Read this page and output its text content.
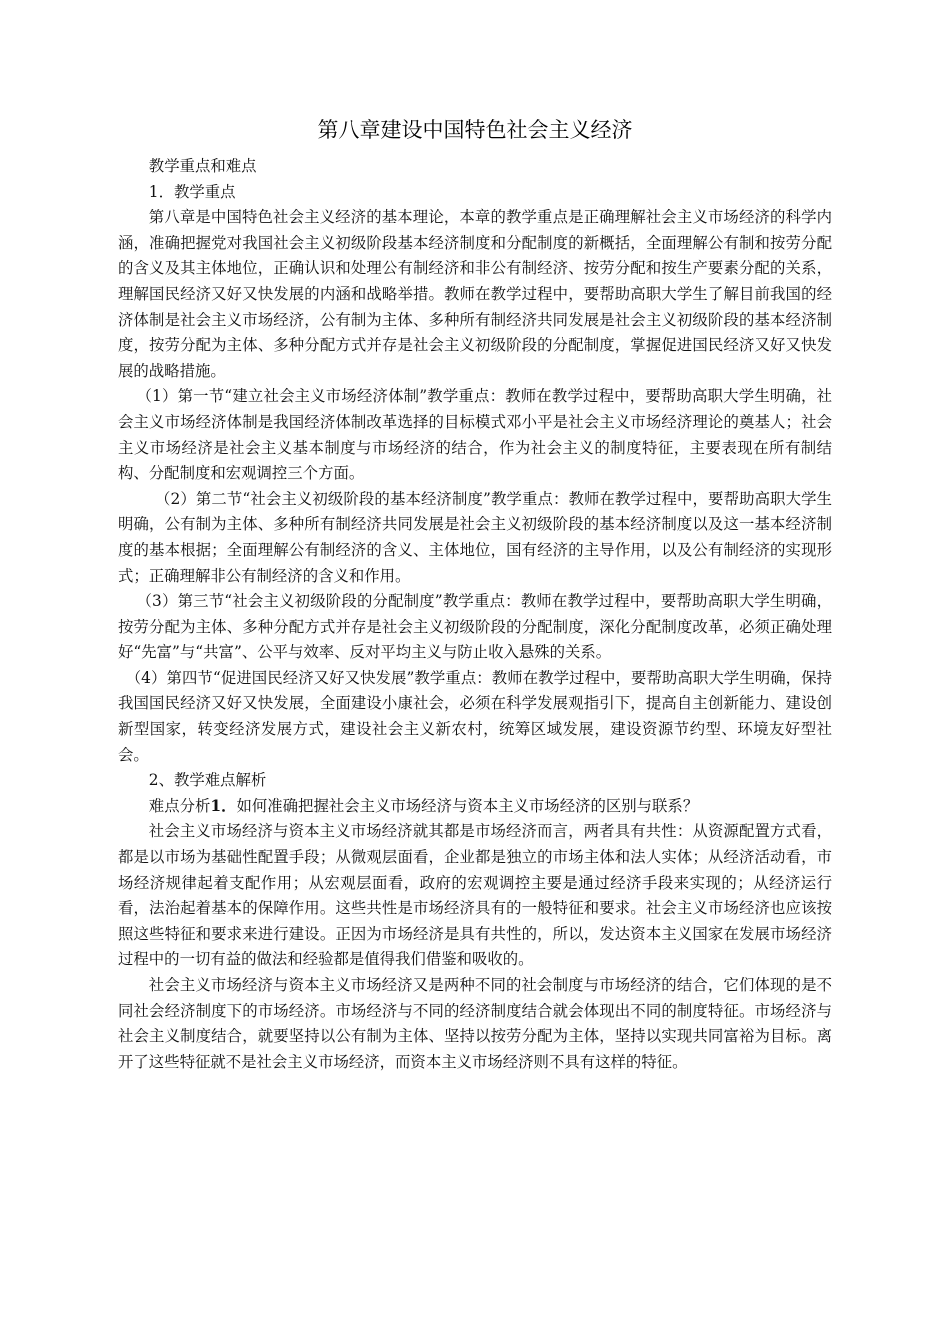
第八章建设中国特色社会主义经济

教学重点和难点

1．教学重点

第八章是中国特色社会主义经济的基本理论，本章的教学重点是正确理解社会主义市场经济的科学内涵，准确把握党对我国社会主义初级阶段基本经济制度和分配制度的新概括，全面理解公有制和按劳分配的含义及其主体地位，正确认识和处理公有制经济和非公有制经济、按劳分配和按生产要素分配的关系，理解国民经济又好又快发展的内涵和战略举措。教师在教学过程中，要帮助高职大学生了解目前我国的经济体制是社会主义市场经济，公有制为主体、多种所有制经济共同发展是社会主义初级阶段的基本经济制度，按劳分配为主体、多种分配方式并存是社会主义初级阶段的分配制度，掌握促进国民经济又好又快发展的战略措施。

（1）第一节“建立社会主义市场经济体制”教学重点：教师在教学过程中，要帮助高职大学生明确，社会主义市场经济体制是我国经济体制改革选择的目标模式邓小平是社会主义市场经济理论的奠基人；社会主义市场经济是社会主义基本制度与市场经济的结合，作为社会主义的制度特征，主要表现在所有制结构、分配制度和宏观调控三个方面。

（2）第二节“社会主义初级阶段的基本经济制度”教学重点：教师在教学过程中，要帮助高职大学生明确，公有制为主体、多种所有制经济共同发展是社会主义初级阶段的基本经济制度以及这一基本经济制度的基本根据；全面理解公有制经济的含义、主体地位，国有经济的主导作用，以及公有制经济的实现形式；正确理解非公有制经济的含义和作用。

（3）第三节“社会主义初级阶段的分配制度”教学重点：教师在教学过程中，要帮助高职大学生明确，按劳分配为主体、多种分配方式并存是社会主义初级阶段的分配制度，深化分配制度改革，必须正确处理好“先富”与“共富”、公平与效率、反对平均主义与防止收入悬殊的关系。

（4）第四节“促进国民经济又好又快发展”教学重点：教师在教学过程中，要帮助高职大学生明确，保持我国国民经济又好又快发展，全面建设小康社会，必须在科学发展观指引下，提高自主创新能力、建设创新型国家，转变经济发展方式，建设社会主义新农村，统筹区域发展，建设资源节约型、环境友好型社会。

2、教学难点解析

难点分析1．如何准确把握社会主义市场经济与资本主义市场经济的区别与联系？

社会主义市场经济与资本主义市场经济就其都是市场经济而言，两者具有共性：从资源配置方式看，都是以市场为基础性配置手段；从微观层面看，企业都是独立的市场主体和法人实体；从经济活动看，市场经济规律起着支配作用；从宏观层面看，政府的宏观调控主要是通过经济手段来实现的；从经济运行看，法治起着基本的保障作用。这些共性是市场经济具有的一般特征和要求。社会主义市场经济也应该按照这些特征和要求来进行建设。正因为市场经济是具有共性的，所以，发达资本主义国家在发展市场经济过程中的一切有益的做法和经验都是值得我们借鉴和吸收的。

社会主义市场经济与资本主义市场经济又是两种不同的社会制度与市场经济的结合，它们体现的是不同社会经济制度下的市场经济。市场经济与不同的经济制度结合就会体现出不同的制度特征。市场经济与社会主义制度结合，就要坚持以公有制为主体、坚持以按劳分配为主体，坚持以实现共同富裕为目标。离开了这些特征就不是社会主义市场经济，而资本主义市场经济则不具有这样的特征。
